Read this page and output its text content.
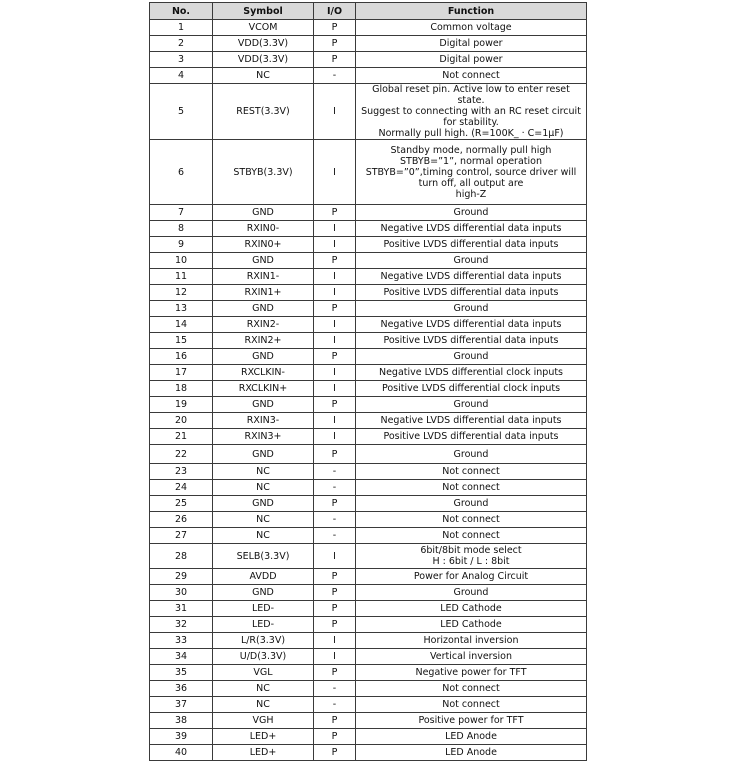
No.	Symbol	I/O	Function
1	VCOM	P	Common voltage
2	VDD(3.3V)	P	Digital power
3	VDD(3.3V)	P	Digital power
4	NC	-	Not connect
5	REST(3.3V)	I	Global reset pin. Active low to enter reset state.
Suggest to connecting with an RC reset circuit
for stability.
Normally pull high. (R=100K_ · C=1μF)
6	STBYB(3.3V)	I	Standby mode, normally pull high
STBYB=”1”, normal operation
STBYB=”0”,timing control, source driver will
turn off, all output are
high-Z
7	GND	P	Ground
8	RXIN0-	I	Negative LVDS differential data inputs
9	RXIN0+	I	Positive LVDS differential data inputs
10	GND	P	Ground
11	RXIN1-	I	Negative LVDS differential data inputs
12	RXIN1+	I	Positive LVDS differential data inputs
13	GND	P	Ground
14	RXIN2-	I	Negative LVDS differential data inputs
15	RXIN2+	I	Positive LVDS differential data inputs
16	GND	P	Ground
17	RXCLKIN-	I	Negative LVDS differential clock inputs
18	RXCLKIN+	I	Positive LVDS differential clock inputs
19	GND	P	Ground
20	RXIN3-	I	Negative LVDS differential data inputs
21	RXIN3+	I	Positive LVDS differential data inputs
22	GND	P	Ground
23	NC	-	Not connect
24	NC	-	Not connect
25	GND	P	Ground
26	NC	-	Not connect
27	NC	-	Not connect
28	SELB(3.3V)	I	6bit/8bit mode select
H : 6bit / L : 8bit
29	AVDD	P	Power for Analog Circuit
30	GND	P	Ground
31	LED-	P	LED Cathode
32	LED-	P	LED Cathode
33	L/R(3.3V)	I	Horizontal inversion
34	U/D(3.3V)	I	Vertical inversion
35	VGL	P	Negative power for TFT
36	NC	-	Not connect
37	NC	-	Not connect
38	VGH	P	Positive power for TFT
39	LED+	P	LED Anode
40	LED+	P	LED Anode
